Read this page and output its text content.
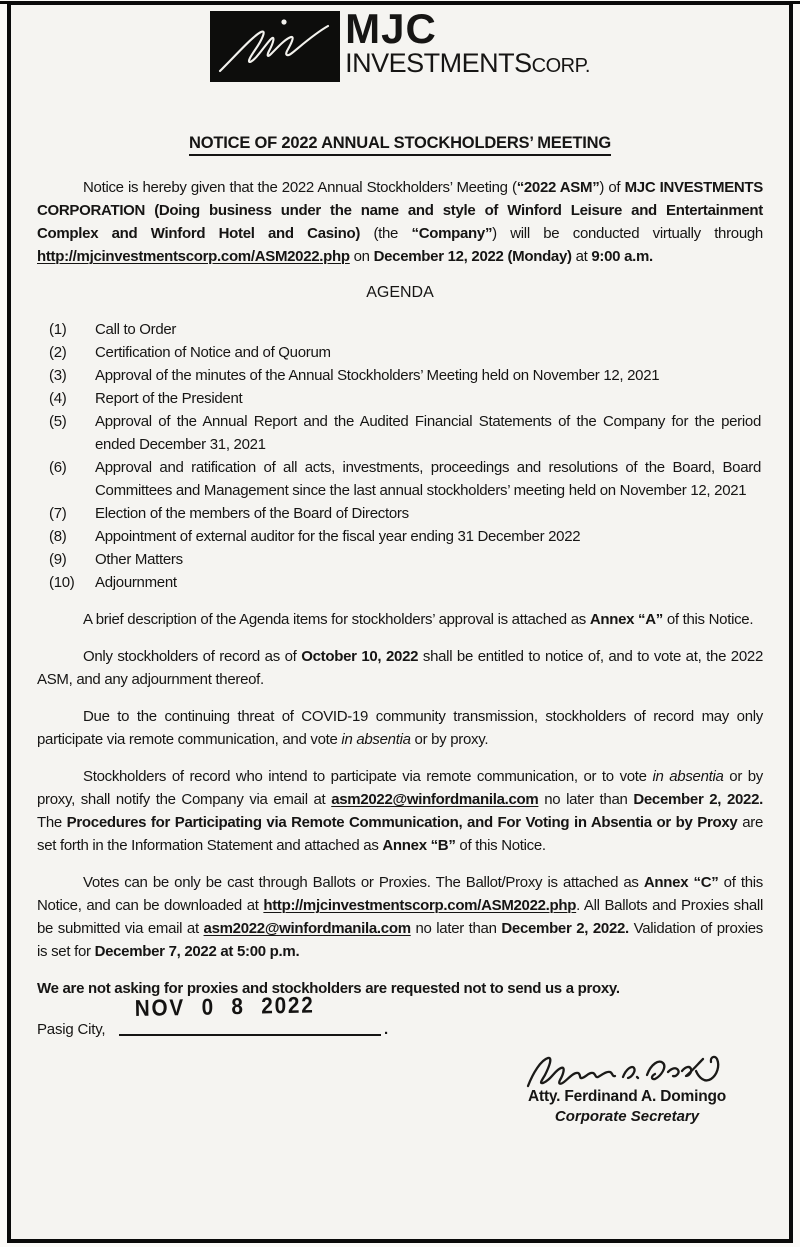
MJC
INVESTMENTSCORP.
NOTICE OF 2022 ANNUAL STOCKHOLDERS’ MEETING

Notice is hereby given that the 2022 Annual Stockholders’ Meeting (“2022 ASM”) of MJC INVESTMENTS CORPORATION (Doing business under the name and style of Winford Leisure and Entertainment Complex and Winford Hotel and Casino) (the “Company”) will be conducted virtually through http://mjcinvestmentscorp.com/ASM2022.php on December 12, 2022 (Monday) at 9:00 a.m.

AGENDA
(1)	Call to Order
(2)	Certification of Notice and of Quorum
(3)	Approval of the minutes of the Annual Stockholders’ Meeting held on November 12, 2021
(4)	Report of the President
(5)	Approval of the Annual Report and the Audited Financial Statements of the Company for the period ended December 31, 2021
(6)	Approval and ratification of all acts, investments, proceedings and resolutions of the Board, Board Committees and Management since the last annual stockholders’ meeting held on November 12, 2021
(7)	Election of the members of the Board of Directors
(8)	Appointment of external auditor for the fiscal year ending 31 December 2022
(9)	Other Matters
(10)	Adjournment

A brief description of the Agenda items for stockholders’ approval is attached as Annex “A” of this Notice.

Only stockholders of record as of October 10, 2022 shall be entitled to notice of, and to vote at, the 2022 ASM, and any adjournment thereof.

Due to the continuing threat of COVID-19 community transmission, stockholders of record may only participate via remote communication, and vote in absentia or by proxy.

Stockholders of record who intend to participate via remote communication, or to vote in absentia or by proxy, shall notify the Company via email at asm2022@winfordmanila.com no later than December 2, 2022. The Procedures for Participating via Remote Communication, and For Voting in Absentia or by Proxy are set forth in the Information Statement and attached as Annex “B” of this Notice.

Votes can be only be cast through Ballots or Proxies. The Ballot/Proxy is attached as Annex “C” of this Notice, and can be downloaded at http://mjcinvestmentscorp.com/ASM2022.php. All Ballots and Proxies shall be submitted via email at asm2022@winfordmanila.com no later than December 2, 2022. Validation of proxies is set for December 7, 2022 at 5:00 p.m.

We are not asking for proxies and stockholders are requested not to send us a proxy.
Pasig City,
NOV 0 8 2022
.
Atty. Ferdinand A. Domingo
Corporate Secretary
